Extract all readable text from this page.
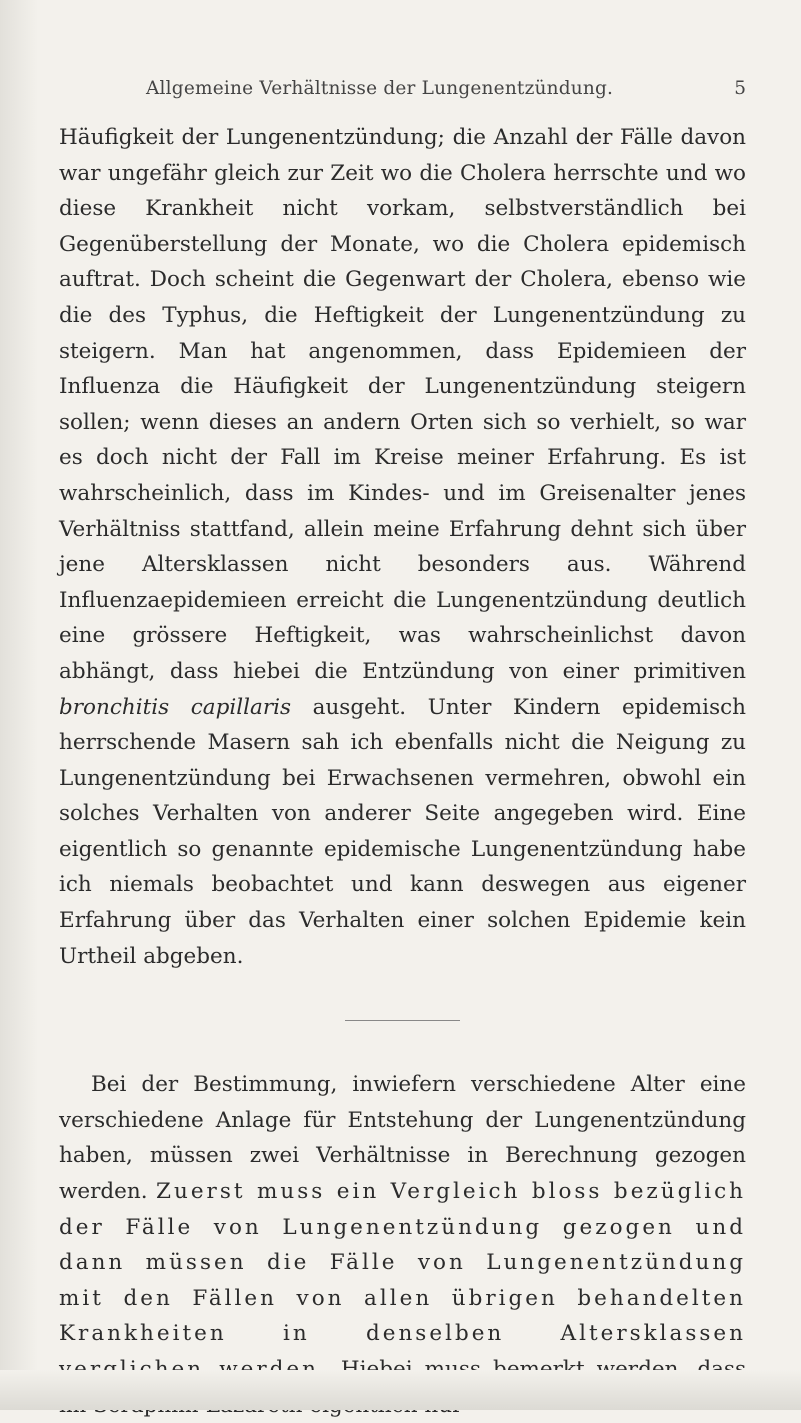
Allgemeine Verhältnisse der Lungenentzündung.	5

Häufigkeit der Lungenentzündung; die Anzahl der Fälle davon war ungefähr gleich zur Zeit wo die Cholera herrschte und wo diese Krankheit nicht vorkam, selbstverständlich bei Gegenüberstellung der Monate, wo die Cholera epidemisch auftrat. Doch scheint die Gegenwart der Cholera, ebenso wie die des Typhus, die Heftigkeit der Lungenentzündung zu steigern. Man hat angenommen, dass Epidemieen der Influenza die Häufigkeit der Lungenentzündung steigern sollen; wenn dieses an andern Orten sich so verhielt, so war es doch nicht der Fall im Kreise meiner Erfahrung. Es ist wahrscheinlich, dass im Kindes- und im Greisenalter jenes Verhältniss stattfand, allein meine Erfahrung dehnt sich über jene Altersklassen nicht besonders aus. Während Influenzaepidemieen erreicht die Lungenentzündung deutlich eine grössere Heftigkeit, was wahrscheinlichst davon abhängt, dass hiebei die Entzündung von einer primitiven bronchitis capillaris ausgeht. Unter Kindern epidemisch herrschende Masern sah ich ebenfalls nicht die Neigung zu Lungenentzündung bei Erwachsenen vermehren, obwohl ein solches Verhalten von anderer Seite angegeben wird. Eine eigentlich so genannte epidemische Lungenentzündung habe ich niemals beobachtet und kann deswegen aus eigener Erfahrung über das Verhalten einer solchen Epidemie kein Urtheil abgeben.

Bei der Bestimmung, inwiefern verschiedene Alter eine verschiedene Anlage für Entstehung der Lungenentzündung haben, müssen zwei Verhältnisse in Berechnung gezogen werden. Zuerst muss ein Vergleich bloss bezüglich der Fälle von Lungenentzündung gezogen und dann müssen die Fälle von Lungenentzündung mit den Fällen von allen übrigen behandelten Krankheiten in denselben Altersklassen
